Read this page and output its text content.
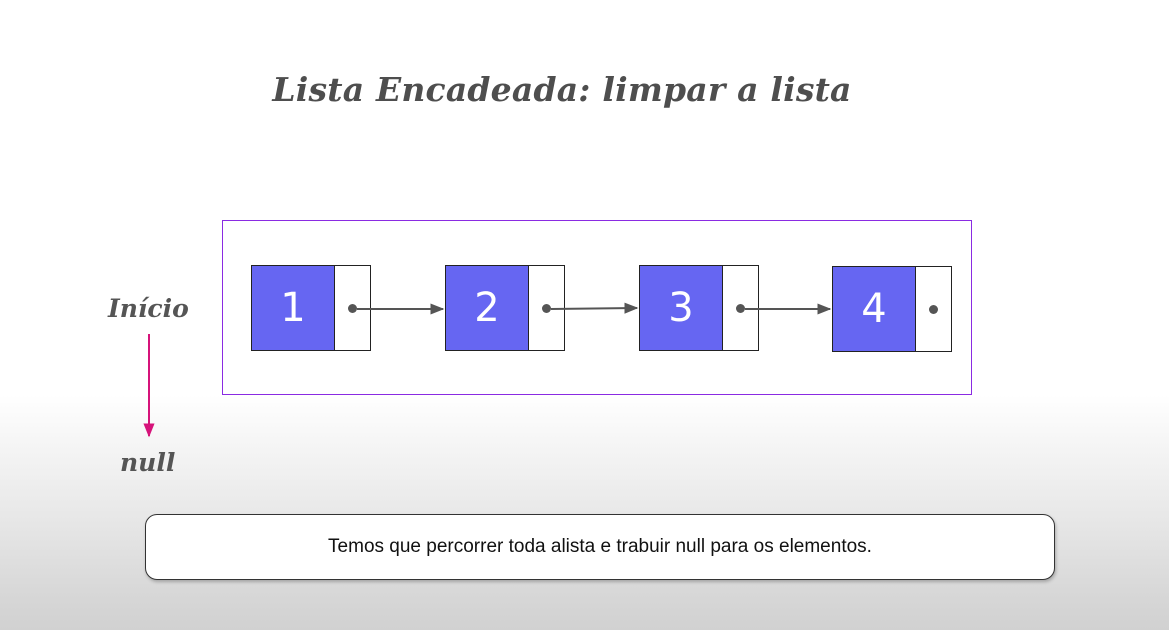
Lista Encadeada: limpar a lista
1	2	3	4
Início
null
Temos que percorrer toda alista e trabuir null para os elementos.
